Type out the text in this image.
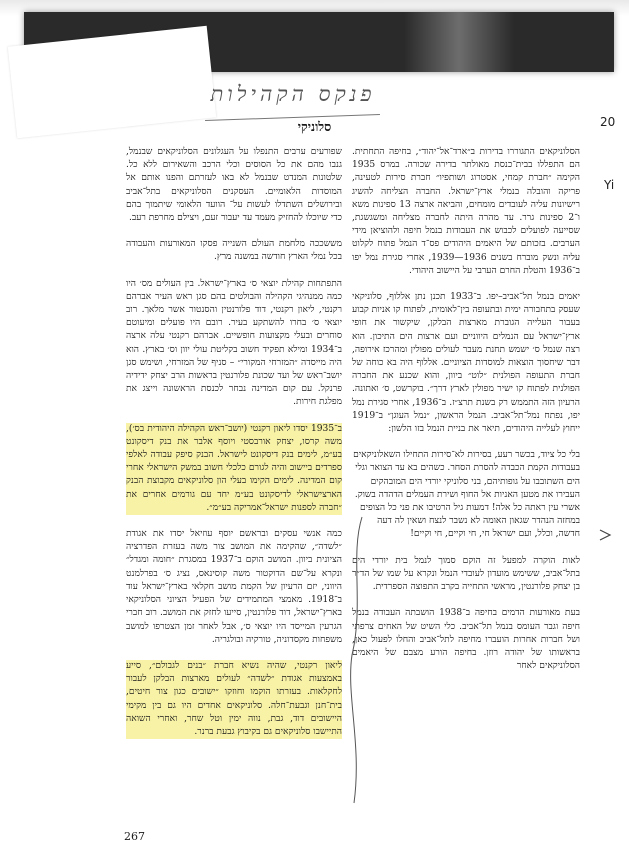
20
Yi
פנקס הקהילות
סלוניקי

הסלוניקאים התגוררו בדירות ב״ארד־אל־יהוד״, בחיפה התחתית. הם התפללו בבית־כנסת מאולתר בדירה שכורה. במרס 1935 הקימה ״חברת קמחי, אסטרוג ושותפיו״ חברת סירות לטעינה, פריקה והובלה בנמלי ארץ־ישראל. החברה הצליחה להשיג רישיונות עליה לעובדים מומחים, והביאה ארצה 13 ספינות משא ו־2 ספינות גרר. עד מהרה היתה לחברה מצליחה ומשגשגת, שסייעה לפועלים לכבוש את העבודות בנמל חיפה ולהוציאן מידי הערבים. בזכותם של היאמים היהודים פס־ד הנמל פתוח לקלוט עליה ונשק מוברח בשנים 1936—1939, אחרי סגירת נמל יפו ב־1936 והטלת החרם הערבי על היישוב היהודי.

יאמים בנמל תל־אביב–יפו. ב־1933 תכנן נתן אללוף, סלוניקאי שעסק בתחבורה ימית ובתעופה בין־לאומית, לפתוח קו אניות קבוע בעבור העלייה הגוברת מארצות הבלקן, שיקשור את חופי ארץ־ישראל עם הנמלים היווניים ועם ארצות הים התיכון. הוא רצה שנמל ס׳ ישמש תחנת מעבר לעולים מפולין ומהרכז אירופה, דבר שיחסוך הוצאות למוסדות הציוניים. אללוף היה בא כוחה של חברת התעופה הפולנית ״לוט״ ביוון, והוא שכנע את החברה הפולנית לפתוח קו ישיר מפולין לארץ דרך״. בוקרשט, ס׳ ואתונה. הרעיון הזה התממש רק בשנת תרצ״ז. ב־1936, אחרי סגירת נמל יפו, נפתח נמל־תל־אביב. הנמל הראשון, ״נמל העוגן״ ב־1919 ייחוץ לעלייה היהודים, תיאר את בניית הנמל בזו הלשון:

בלי כל ציוד, בכשר רעע, בסירות לא־סירות התחילו השאלוניקאים בעבודות הקמת הכבדה להסרת הסחר. כשהים בא עד הצואר וגלי הים השתובבו על גופותיהם, בני סלוניקי יורדי הים המובהקים העבירו את מטען האניות אל החוף ושירת העמלים הדהדה בשוק. אשרי עין ראתה כל אלה! דמעות גיל הרטיבו את פני כל הצופים במחזה הנהדר שגאון האומה לא נשבר לנצח ושאין לה דעה חדשה, וכלל, ועם ישראל חי, חי וקיים, חי וקיים!

לאות הוקרה למפעל זה הוקם סמוך לנמל בית יורדי הים בתל־אביב, ששימש מועדון לעובדי הנמל ונקרא על שמו של הד״ר בן יצחק פלורנטין, מראשי התחייה בקרב התפוצה הספרדית.

בעת מאורעות הדמים בחיפה ב־1938 הושבתה העבודה בנמל חיפה וגבר העומס בנמל תל־אביב. כלי השיט של האחים צרפתי ושל חברות אחרות הועברו מחיפה לתל־אביב והחלו לפעול כאן, בראשותו של יהודה רוזן. בחיפה הורע מצבם של היאמים הסלוניקאים לאחר

שפורעים ערבים התנפלו על העגלונים הסלוניקאים שבנמל, גנבו מהם את כל הסוסים וכלי הרכב והשאירום ללא כל. שלטונות המנדט שבנמל לא באו לעזרתם והפנו אותם אל המוסדות הלאומיים. העסקנים הסלוניקאים בתל־אביב ובירושלים השתדלו לעשות על־ הוועד הלאומי שיתמוך בהם כדי שיוכלו להחזיק מעמד עד יעבור זעם, ויצילם מחרפת רעב.

מששככה מלחמת העולם השנייה פסקו המאורעות והעבודה בכל נמלי הארץ חודשה במשנה מרץ.

התפתחות קהילת יוצאי ס׳ בארץ־ישראל. בין העולים מס׳ היו כמה ממנהיגי הקהילה והבולטים בהם סגן ראש העיר אברהם רקנטי, ליאון רקנטי, דוד פלורנטין והסנטור אשר מלאך. רוב יוצאי ס׳ בחרו להשתקע בעיר. רובם היו פועלים ומיעוטם סוחרים ובעלי מקצועות חופשיים. אברהם רקנטי עלה ארצה ב־1934 ומילא תפקיד חשוב בקליטת עולי יוון וס׳ בארץ. הוא היה מייסדה ״המזרחי המקורי״ – סניף של המזרחי, ושימש סגן יושב־ראש של ועד שכונת פלורנטין בראשות הרב יצחק ידידיה פרנקל. עם קום המדינה נבחר לכנסת הראשונה וייצג את מפלגת חירות.

ב־1935 יסדו ליאון רקנטי (יושב־ראש הקהילה היהודית בס׳), משה קרסו, יצחק אורבסטי ויוסף אלבר את בנק דיסקונט בע״מ, לימים בנק דיסקונט לישראל. הבנק סיפק עבודה לאלפי ספרדים ביישוב והיה לגורם כלכלי חשוב במשק הישראלי אחרי קום המדינה. לימים הקימו בעלי הון סלוניקאים מקבוצת הבנק הארצישראלי לדיסקונט בע״מ יחד עם גורמים אחרים את ״חברה לספנות ישראל־אמריקה בע״מ״.

כמה אנשי עסקים ובראשם יוסף עוזיאל יסדו את אגודת ״לשדה״, שהקימה את המושב צור משה בעזרת הפדרציה הציונית ביוון. המושב הוקם ב־1937 במסגרת ״חומה ומגדל״ ונקרא על־שם הדוקטור משה קוסינאס, נציג ס׳ בפרלמנט היווני, יזם הרעיון של הקמת מושב חקלאי בארץ־ישראל עוד ב־1918. מאמצי המתמידים של הפעיל הציוני הסלוניקאי בארץ־ישראל, דוד פלורנטין, סייעו לחזק את המושב. רוב חברי הגרעין המייסד היו יוצאי ס׳, אבל לאחר זמן הצטרפו למושב משפחות מקסדוניה, טורקיה ובולגריה.

ליאון רקנטי, שהיה נשיא חברת ״בנים לגבולם״, סייע באמצעות אגודת ״לשדה״ לעולים מארצות הבלקן לעבור לחקלאות. בעזרתו הוקמו וחוזקו ״ישובים כגון צור חיטים, בית־חנן וגבעת־חלה. סלוניקאים אחדים היו גם בין מקימי היישובים דוד, גבת, נווה ימין וטל שחר, ואחרי השואה התיישבו סלוניקאים גם בקיבוץ גבעת ברנר.

267
